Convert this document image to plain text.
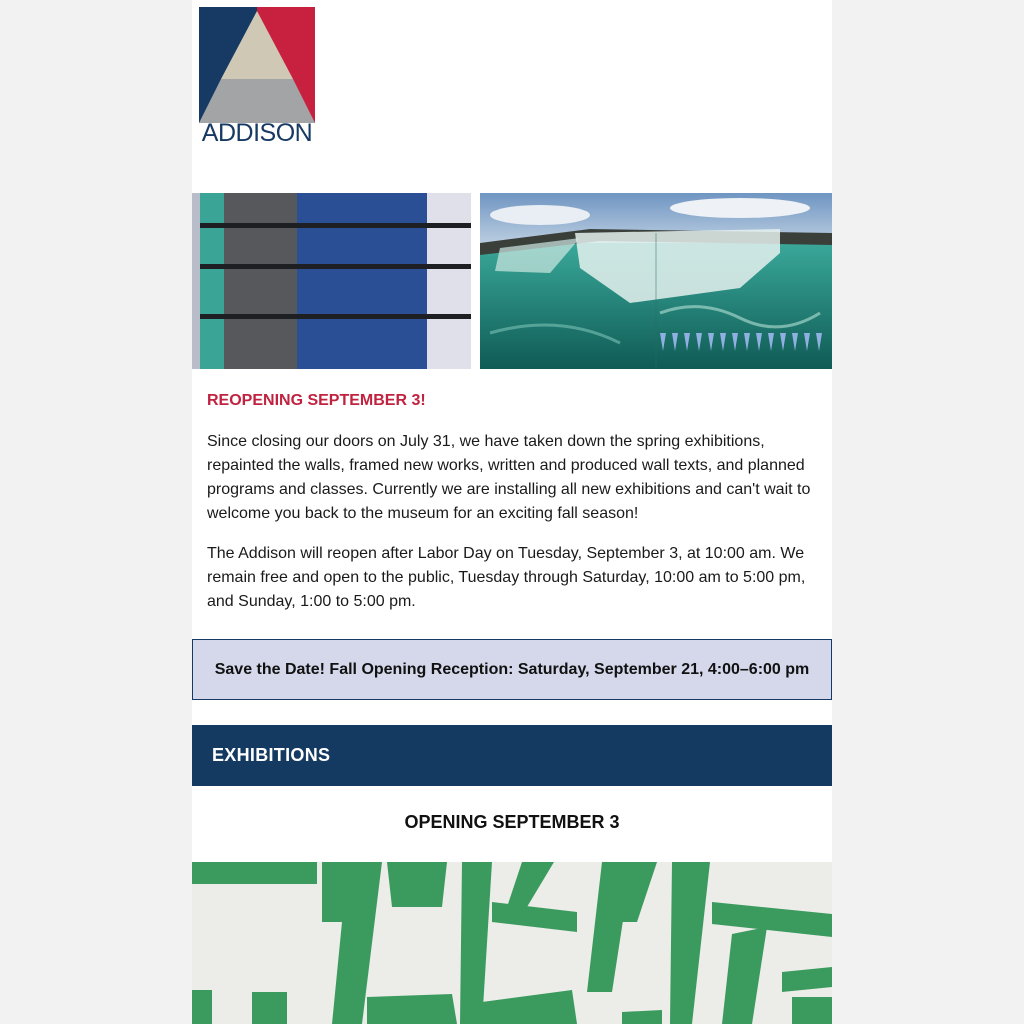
ADDISON
REOPENING SEPTEMBER 3!

Since closing our doors on July 31, we have taken down the spring exhibitions, repainted the walls, framed new works, written and produced wall texts, and planned programs and classes. Currently we are installing all new exhibitions and can't wait to welcome you back to the museum for an exciting fall season!

The Addison will reopen after Labor Day on Tuesday, September 3, at 10:00 am. We remain free and open to the public, Tuesday through Saturday, 10:00 am to 5:00 pm, and Sunday, 1:00 to 5:00 pm.

Save the Date! Fall Opening Reception: Saturday, September 21, 4:00–6:00 pm
EXHIBITIONS
OPENING SEPTEMBER 3
